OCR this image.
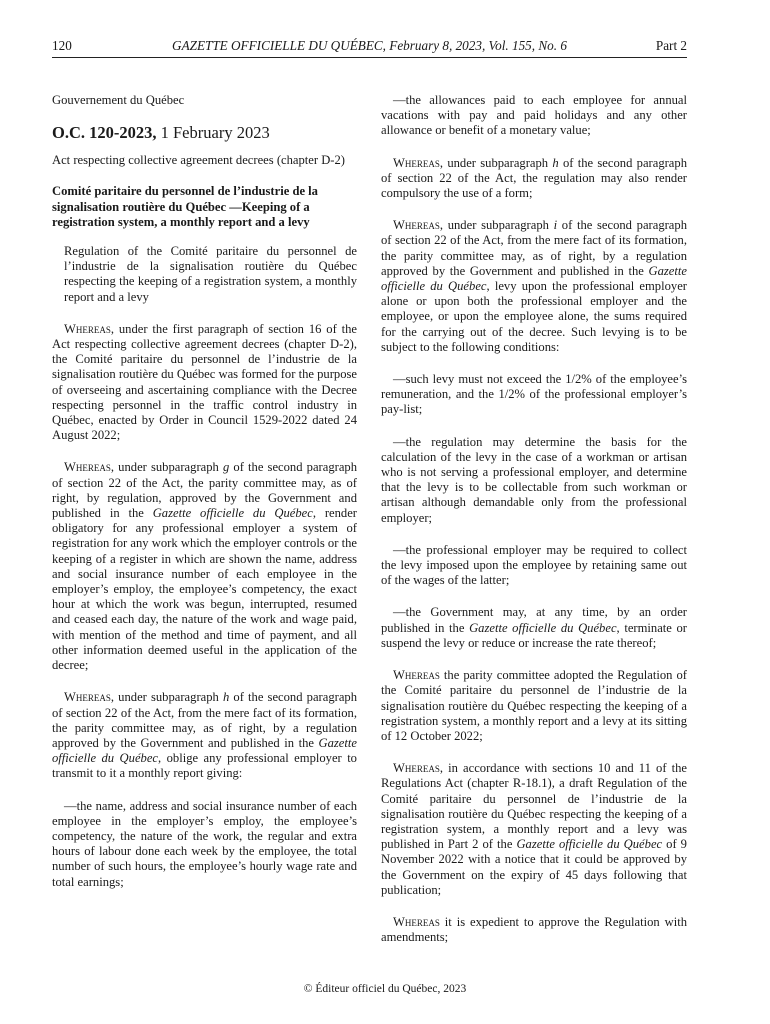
120	GAZETTE OFFICIELLE DU QUÉBEC, February 8, 2023, Vol. 155, No. 6	Part 2

Gouvernement du Québec

O.C. 120-2023, 1 February 2023

Act respecting collective agreement decrees (chapter D-2)

Comité paritaire du personnel de l’industrie de la signalisation routière du Québec —Keeping of a registration system, a monthly report and a levy

Regulation of the Comité paritaire du personnel de l’industrie de la signalisation routière du Québec respecting the keeping of a registration system, a monthly report and a levy

Whereas, under the first paragraph of section 16 of the Act respecting collective agreement decrees (chapter D-2), the Comité paritaire du personnel de l’industrie de la signalisation routière du Québec was formed for the purpose of overseeing and ascertaining compliance with the Decree respecting personnel in the traffic control industry in Québec, enacted by Order in Council 1529-2022 dated 24 August 2022;

Whereas, under subparagraph g of the second paragraph of section 22 of the Act, the parity committee may, as of right, by regulation, approved by the Government and published in the Gazette officielle du Québec, render obligatory for any professional employer a system of registration for any work which the employer controls or the keeping of a register in which are shown the name, address and social insurance number of each employee in the employer’s employ, the employee’s competency, the exact hour at which the work was begun, interrupted, resumed and ceased each day, the nature of the work and wage paid, with mention of the method and time of payment, and all other information deemed useful in the application of the decree;

Whereas, under subparagraph h of the second paragraph of section 22 of the Act, from the mere fact of its formation, the parity committee may, as of right, by a regulation approved by the Government and published in the Gazette officielle du Québec, oblige any professional employer to transmit to it a monthly report giving:

—the name, address and social insurance number of each employee in the employer’s employ, the employee’s competency, the nature of the work, the regular and extra hours of labour done each week by the employee, the total number of such hours, the employee’s hourly wage rate and total earnings;

—the allowances paid to each employee for annual vacations with pay and paid holidays and any other allowance or benefit of a monetary value;

Whereas, under subparagraph h of the second paragraph of section 22 of the Act, the regulation may also render compulsory the use of a form;

Whereas, under subparagraph i of the second paragraph of section 22 of the Act, from the mere fact of its formation, the parity committee may, as of right, by a regulation approved by the Government and published in the Gazette officielle du Québec, levy upon the professional employer alone or upon both the professional employer and the employee, or upon the employee alone, the sums required for the carrying out of the decree. Such levying is to be subject to the following conditions:

—such levy must not exceed the 1/2% of the employee’s remuneration, and the 1/2% of the professional employer’s pay-list;

—the regulation may determine the basis for the calculation of the levy in the case of a workman or artisan who is not serving a professional employer, and determine that the levy is to be collectable from such workman or artisan although demandable only from the professional employer;

—the professional employer may be required to collect the levy imposed upon the employee by retaining same out of the wages of the latter;

—the Government may, at any time, by an order published in the Gazette officielle du Québec, terminate or suspend the levy or reduce or increase the rate thereof;

Whereas the parity committee adopted the Regulation of the Comité paritaire du personnel de l’industrie de la signalisation routière du Québec respecting the keeping of a registration system, a monthly report and a levy at its sitting of 12 October 2022;

Whereas, in accordance with sections 10 and 11 of the Regulations Act (chapter R-18.1), a draft Regulation of the Comité paritaire du personnel de l’industrie de la signalisation routière du Québec respecting the keeping of a registration system, a monthly report and a levy was published in Part 2 of the Gazette officielle du Québec of 9 November 2022 with a notice that it could be approved by the Government on the expiry of 45 days following that publication;

Whereas it is expedient to approve the Regulation with amendments;

© Éditeur officiel du Québec, 2023
